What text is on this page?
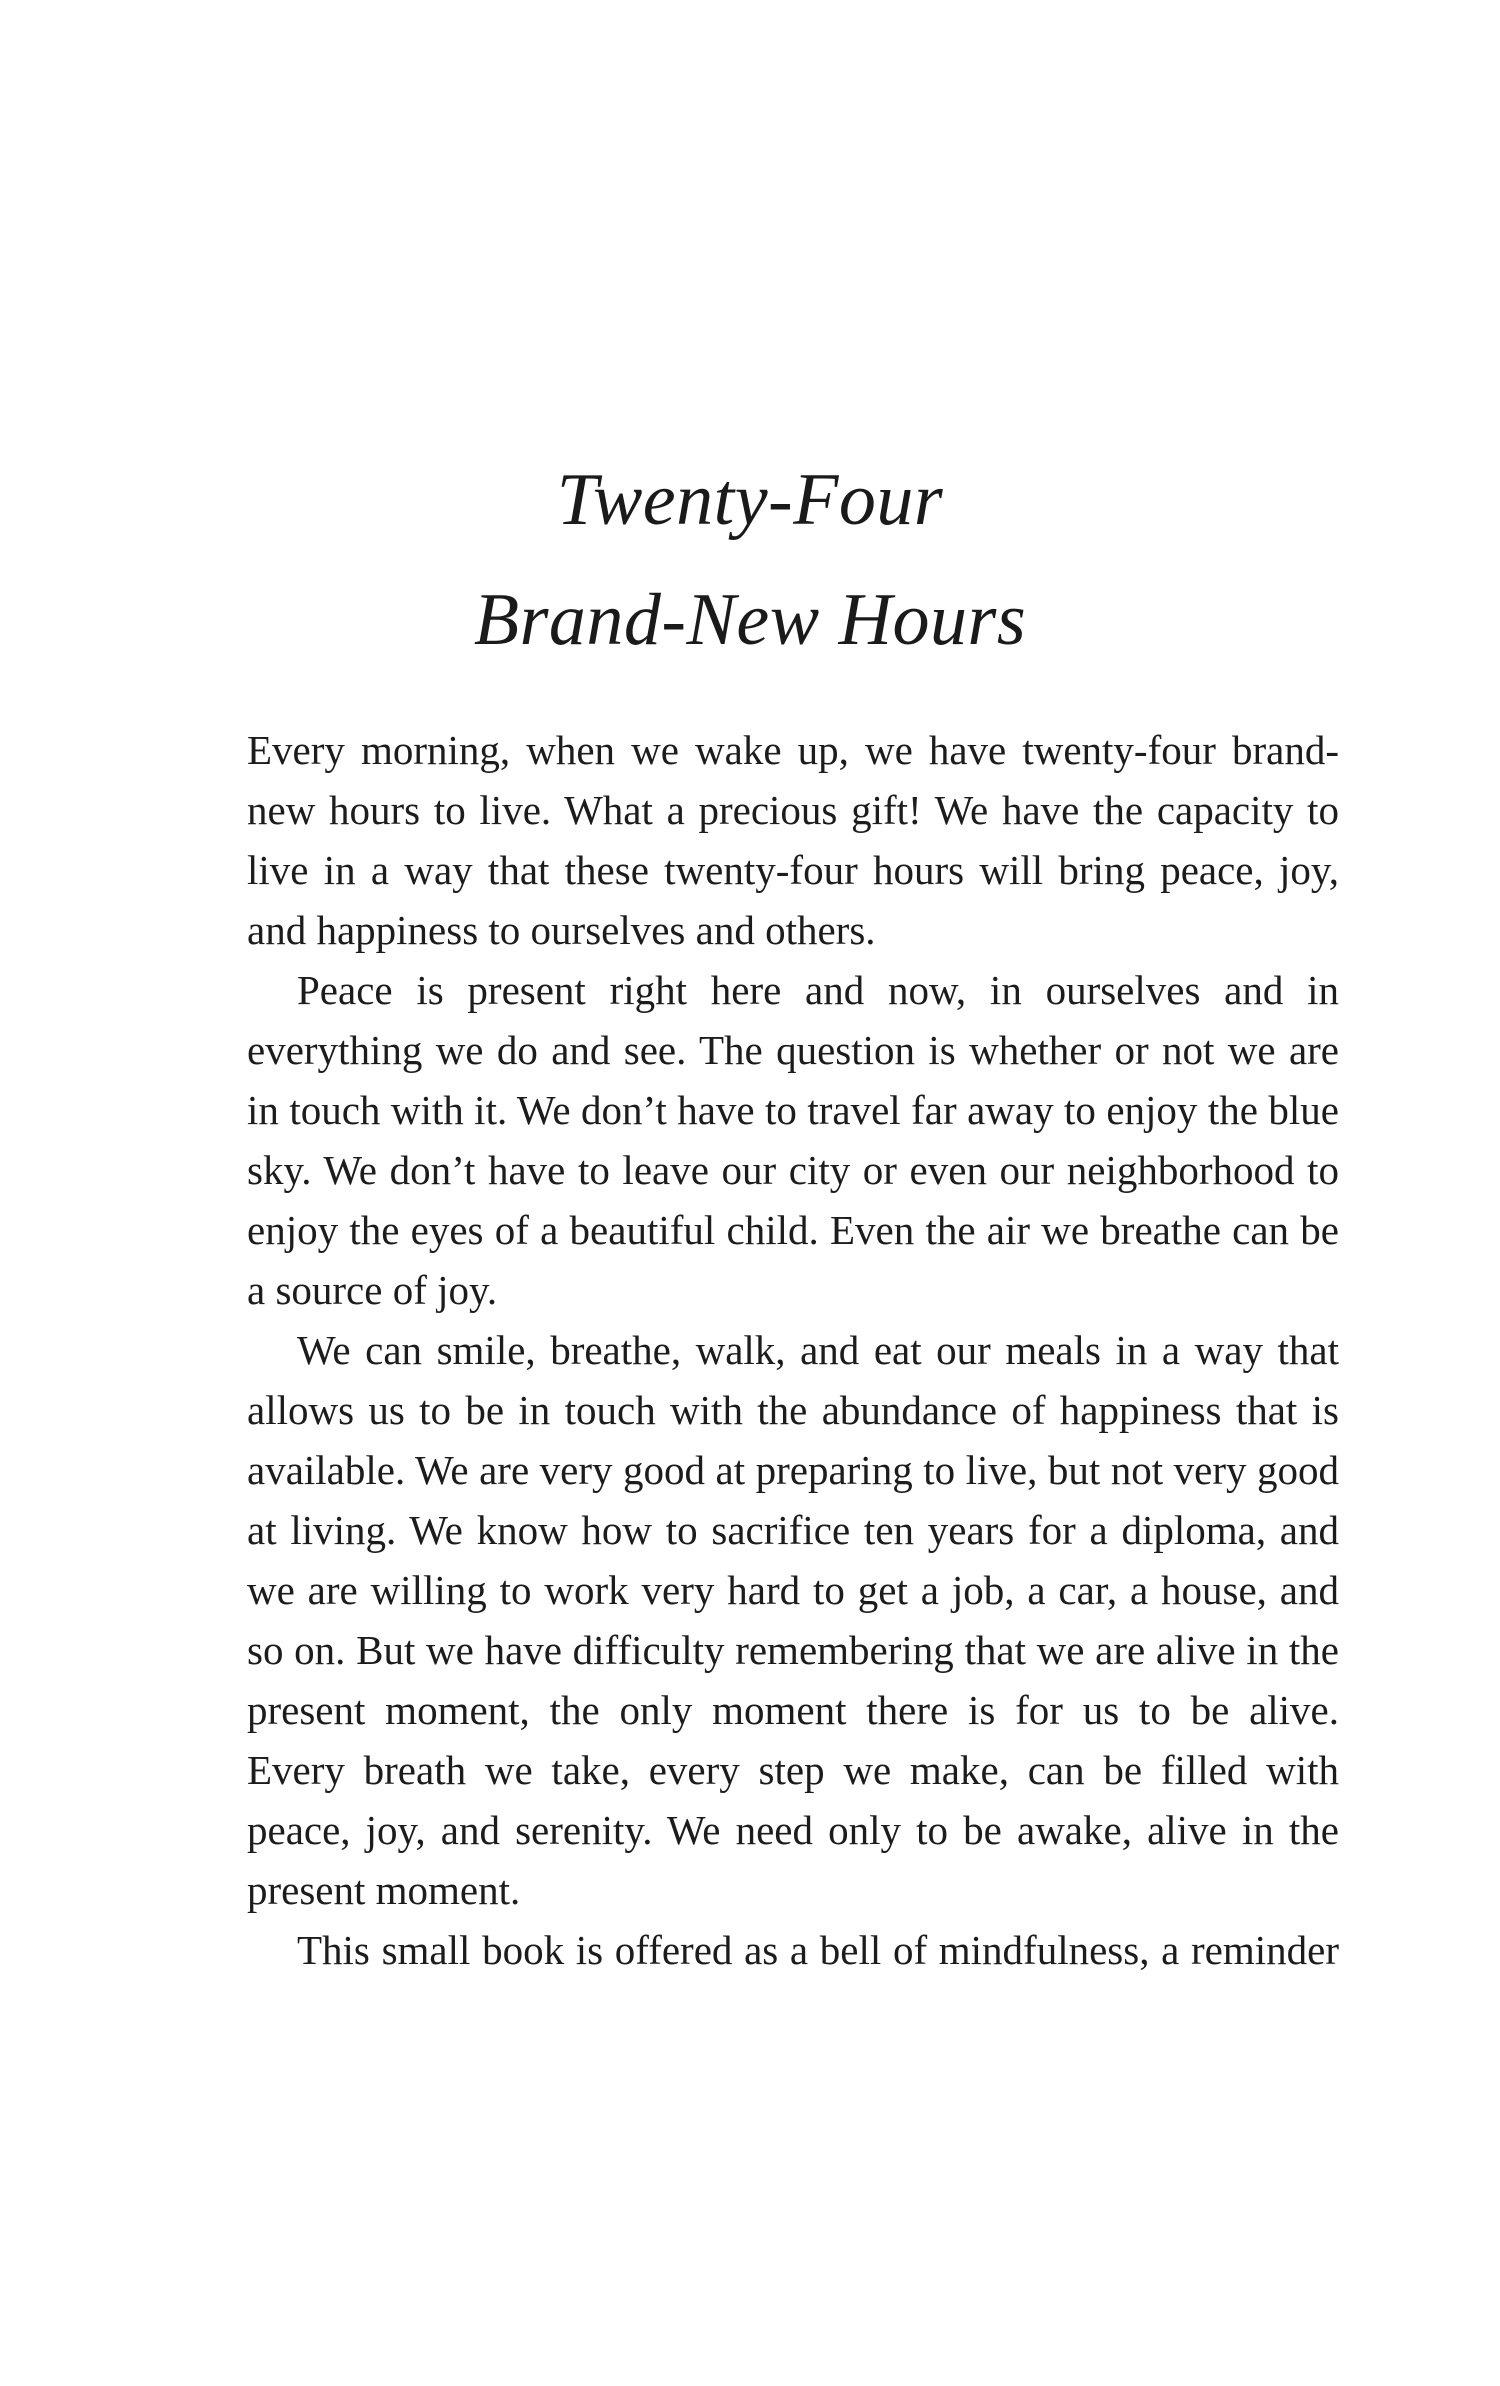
Twenty-Four
Brand-New Hours

Every morning, when we wake up, we have twenty-four brand-new hours to live. What a precious gift! We have the capacity to live in a way that these twenty-four hours will bring peace, joy, and happiness to ourselves and others.

Peace is present right here and now, in ourselves and in everything we do and see. The question is whether or not we are in touch with it. We don’t have to travel far away to enjoy the blue sky. We don’t have to leave our city or even our neighborhood to enjoy the eyes of a beautiful child. Even the air we breathe can be a source of joy.

We can smile, breathe, walk, and eat our meals in a way that allows us to be in touch with the abundance of happiness that is available. We are very good at preparing to live, but not very good at living. We know how to sacrifice ten years for a diploma, and we are willing to work very hard to get a job, a car, a house, and so on. But we have difficulty remembering that we are alive in the present moment, the only moment there is for us to be alive. Every breath we take, every step we make, can be filled with peace, joy, and serenity. We need only to be awake, alive in the present moment.

This small book is offered as a bell of mindfulness, a reminder
